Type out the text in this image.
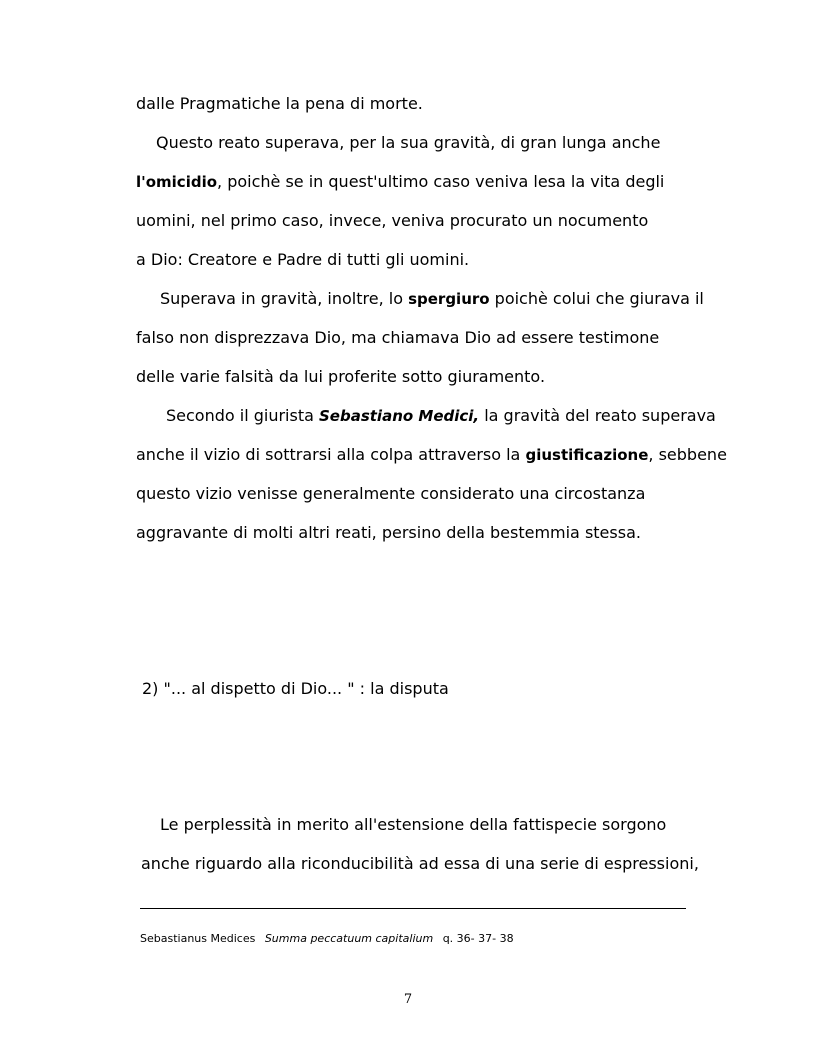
dalle Pragmatiche la pena di morte.
Questo reato superava, per la sua gravità, di gran lunga anche
l'omicidio, poichè se in quest'ultimo caso veniva lesa la vita degli
uomini, nel primo caso, invece, veniva procurato un nocumento
a Dio: Creatore e Padre di tutti gli uomini.
Superava in gravità, inoltre, lo spergiuro poichè colui che giurava il
falso non disprezzava Dio, ma chiamava Dio ad essere testimone
delle varie falsità da lui proferite sotto giuramento.
Secondo il giurista Sebastiano Medici, la gravità del reato superava
anche il vizio di sottrarsi alla colpa attraverso la giustificazione, sebbene
questo vizio venisse generalmente considerato una circostanza
aggravante di molti altri reati, persino della bestemmia stessa.
2) "... al dispetto di Dio... " : la disputa
Le perplessità in merito all'estensione della fattispecie sorgono
anche riguardo alla riconducibilità ad essa di una serie di espressioni,
Sebastianus Medices Summa peccatuum capitalium q. 36- 37- 38
7
